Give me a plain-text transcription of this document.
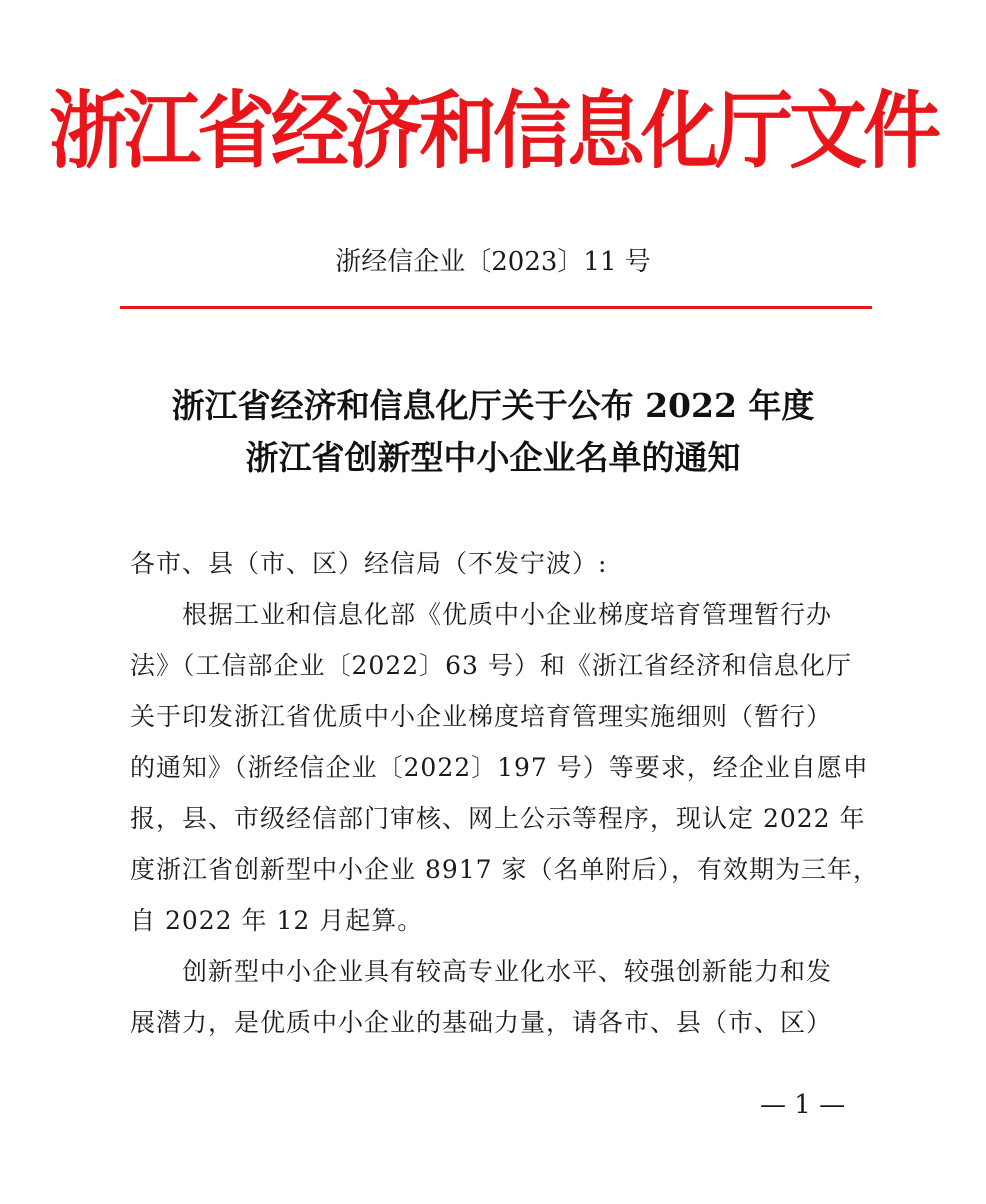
浙江省经济和信息化厅文件
浙经信企业〔2023〕11 号
浙江省经济和信息化厅关于公布 2022 年度
浙江省创新型中小企业名单的通知
各市、县（市、区）经信局（不发宁波）:
根据工业和信息化部《优质中小企业梯度培育管理暂行办
法》（工信部企业〔2022〕63 号）和《浙江省经济和信息化厅
关于印发浙江省优质中小企业梯度培育管理实施细则（暂行）
的通知》（浙经信企业〔2022〕197 号）等要求，经企业自愿申
报，县、市级经信部门审核、网上公示等程序，现认定 2022 年
度浙江省创新型中小企业 8917 家（名单附后），有效期为三年，
自 2022 年 12 月起算。
创新型中小企业具有较高专业化水平、较强创新能力和发
展潜力，是优质中小企业的基础力量，请各市、县（市、区）
— 1 —
